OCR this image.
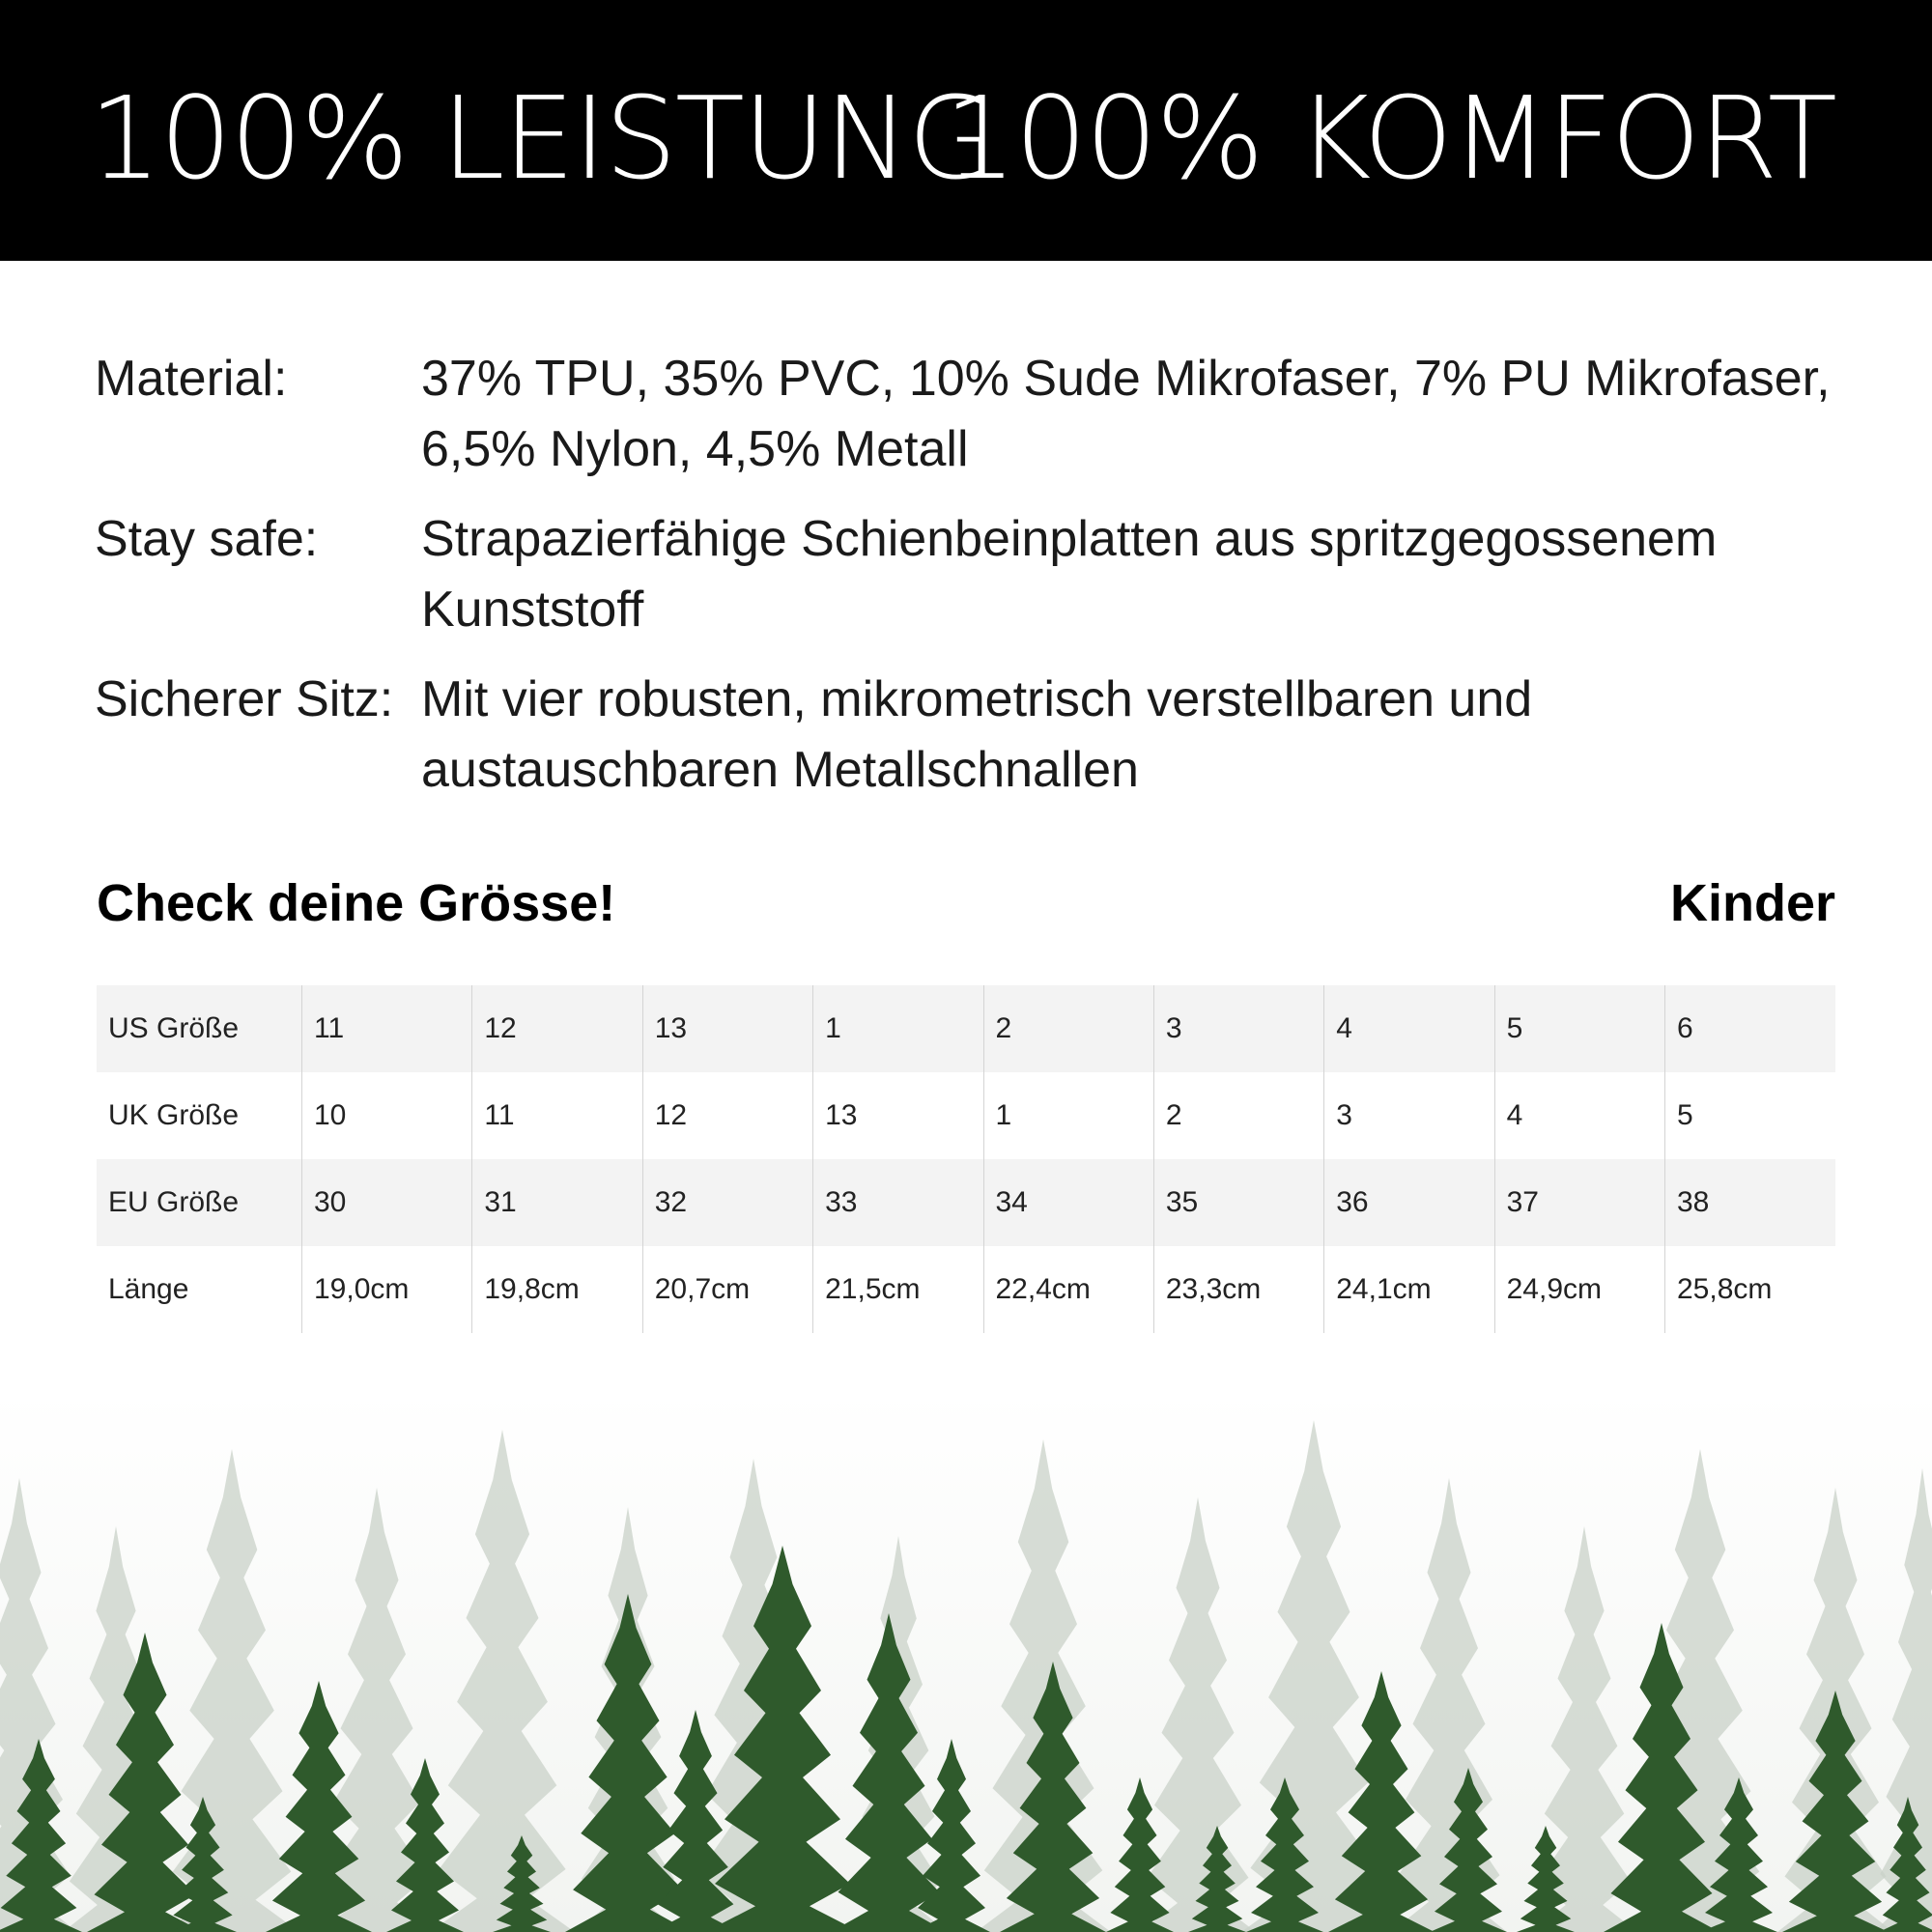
100% LEISTUNG
100% KOMFORT
Material:	37% TPU, 35% PVC, 10% Sude Mikrofaser, 7% PU Mikrofaser,
6,5% Nylon, 4,5% Metall
Stay safe:	Strapazierfähige Schienbeinplatten aus spritzgegossenem
Kunststoff
Sicherer Sitz: Mit vier robusten, mikrometrisch verstellbaren und
austauschbaren Metallschnallen
Check deine Grösse!	Kinder
US Größe	11	12	13	1	2	3	4	5	6
UK Größe	10	11	12	13	1	2	3	4	5
EU Größe	30	31	32	33	34	35	36	37	38
Länge	19,0cm	19,8cm	20,7cm	21,5cm	22,4cm	23,3cm	24,1cm	24,9cm	25,8cm
